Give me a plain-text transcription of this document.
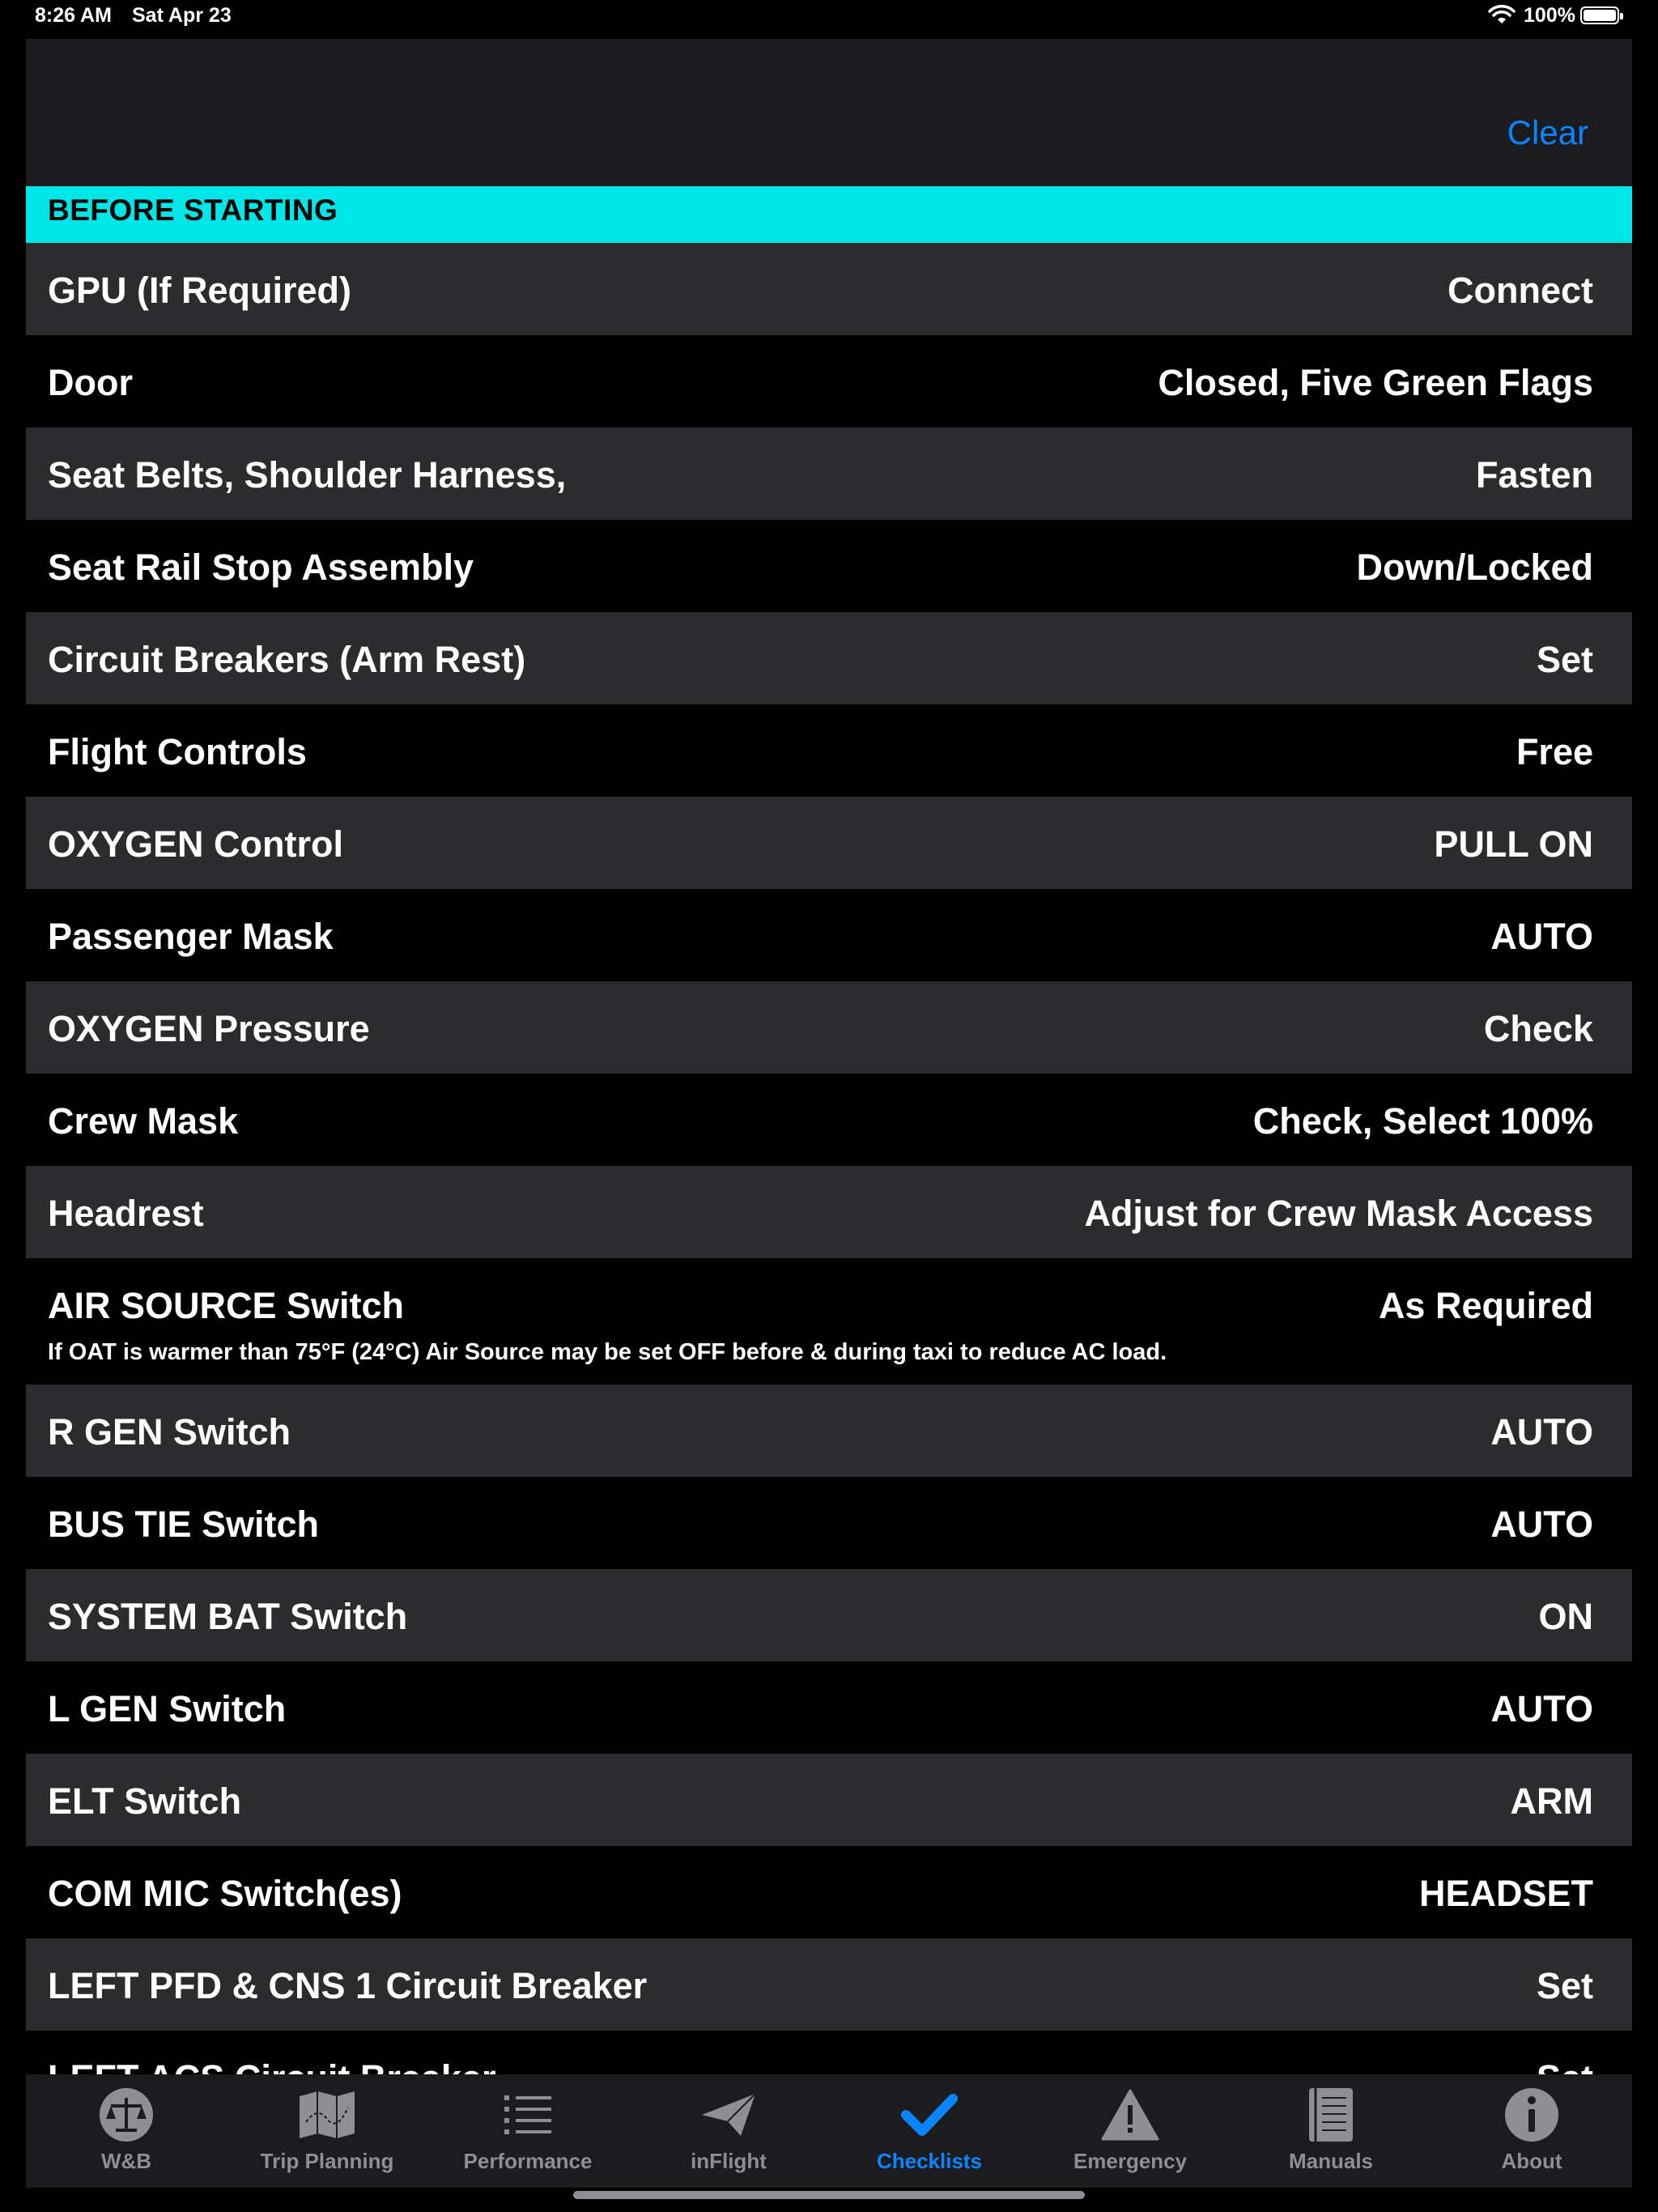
8:26 AM Sat Apr 23	100%
Clear
BEFORE STARTING
GPU (If Required)	Connect
Door	Closed, Five Green Flags
Seat Belts, Shoulder Harness,	Fasten
Seat Rail Stop Assembly	Down/Locked
Circuit Breakers (Arm Rest)	Set
Flight Controls	Free
OXYGEN Control	PULL ON
Passenger Mask	AUTO
OXYGEN Pressure	Check
Crew Mask	Check, Select 100%
Headrest	Adjust for Crew Mask Access
AIR SOURCE Switch	As Required
If OAT is warmer than 75°F (24°C) Air Source may be set OFF before & during taxi to reduce AC load.
R GEN Switch	AUTO
BUS TIE Switch	AUTO
SYSTEM BAT Switch	ON
L GEN Switch	AUTO
ELT Switch	ARM
COM MIC Switch(es)	HEADSET
LEFT PFD & CNS 1 Circuit Breaker	Set
W&B	Trip Planning	Performance	inFlight	Checklists	Emergency	Manuals	About
